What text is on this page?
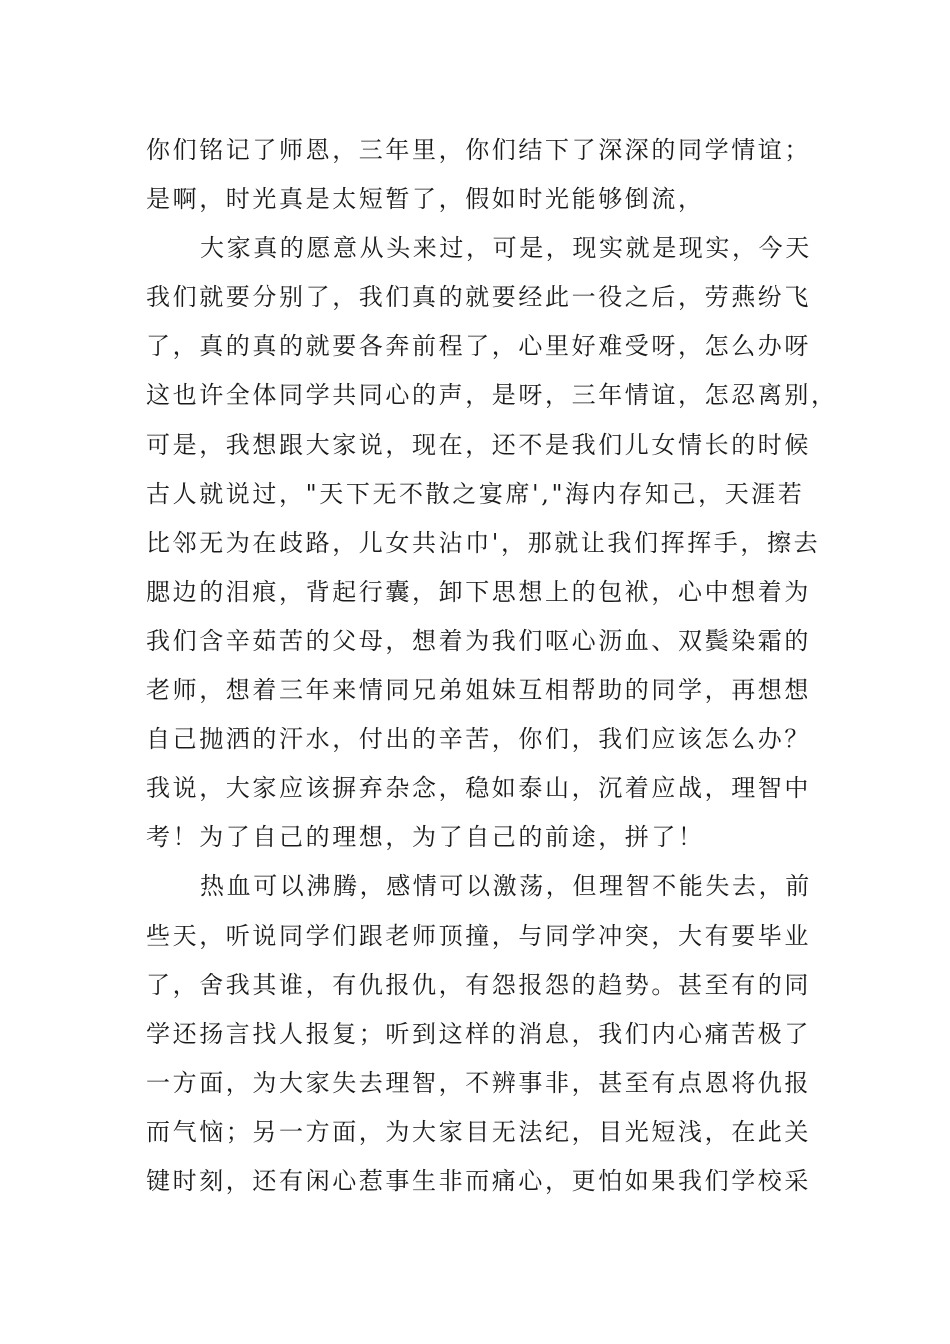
你们铭记了师恩，三年里，你们结下了深深的同学情谊；
是啊，时光真是太短暂了，假如时光能够倒流，
大家真的愿意从头来过，可是，现实就是现实，今天
我们就要分别了，我们真的就要经此一役之后，劳燕纷飞
了，真的真的就要各奔前程了，心里好难受呀，怎么办呀
这也许全体同学共同心的声，是呀，三年情谊，怎忍离别，
可是，我想跟大家说，现在，还不是我们儿女情长的时候
古人就说过，"天下无不散之宴席',"海内存知己，天涯若
比邻无为在歧路，儿女共沾巾'，那就让我们挥挥手，擦去
腮边的泪痕，背起行囊，卸下思想上的包袱，心中想着为
我们含辛茹苦的父母，想着为我们呕心沥血、双鬓染霜的
老师，想着三年来情同兄弟姐妹互相帮助的同学，再想想
自己抛洒的汗水，付出的辛苦，你们，我们应该怎么办？
我说，大家应该摒弃杂念，稳如泰山，沉着应战，理智中
考！为了自己的理想，为了自己的前途，拼了！
热血可以沸腾，感情可以激荡，但理智不能失去，前
些天，听说同学们跟老师顶撞，与同学冲突，大有要毕业
了，舍我其谁，有仇报仇，有怨报怨的趋势。甚至有的同
学还扬言找人报复；听到这样的消息，我们内心痛苦极了
一方面，为大家失去理智，不辨事非，甚至有点恩将仇报
而气恼；另一方面，为大家目无法纪，目光短浅，在此关
键时刻，还有闲心惹事生非而痛心，更怕如果我们学校采
